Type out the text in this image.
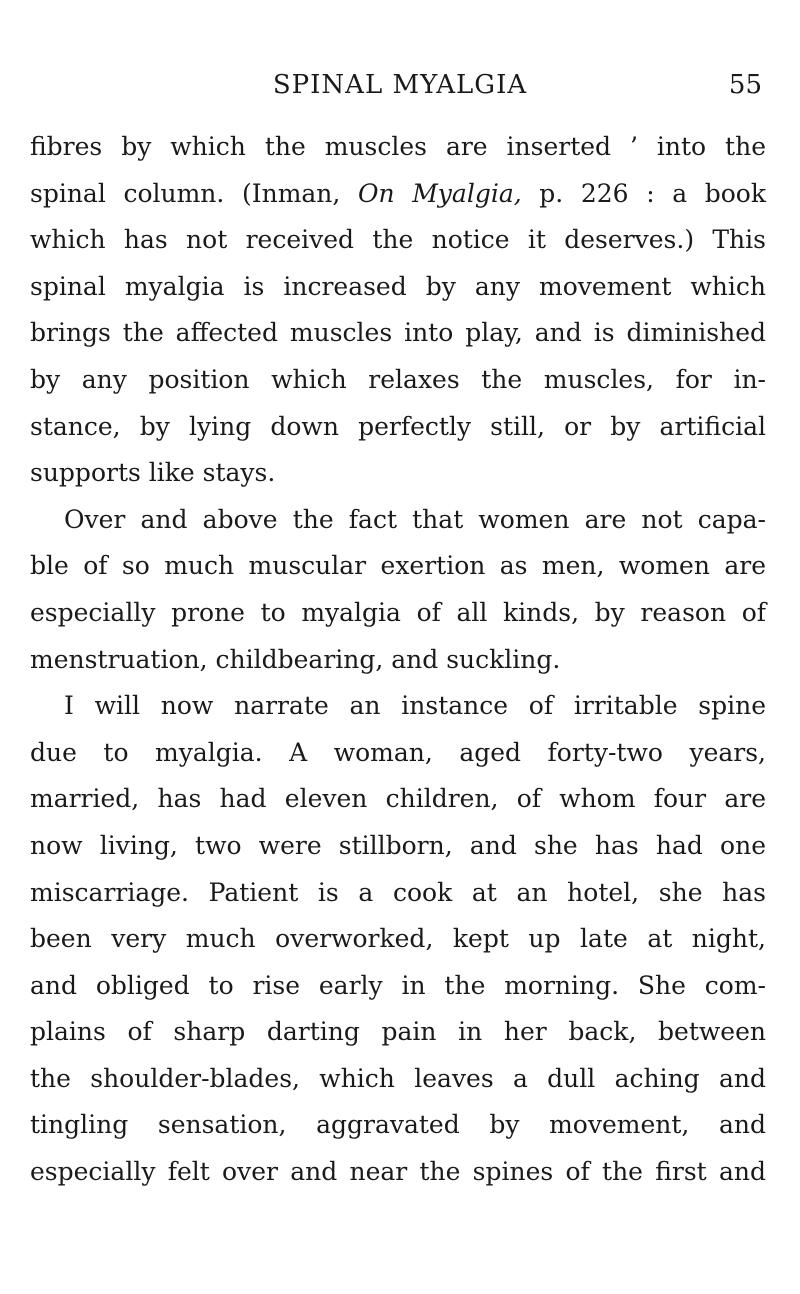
SPINAL MYALGIA	55
fibres by which the muscles are inserted ’ into the
spinal column. (Inman, On Myalgia, p. 226 : a book
which has not received the notice it deserves.) This
spinal myalgia is increased by any movement which
brings the affected muscles into play, and is diminished
by any position which relaxes the muscles, for in-
stance, by lying down perfectly still, or by artificial
supports like stays.
Over and above the fact that women are not capa-
ble of so much muscular exertion as men, women are
especially prone to myalgia of all kinds, by reason of
menstruation, childbearing, and suckling.
I will now narrate an instance of irritable spine
due to myalgia. A woman, aged forty-two years,
married, has had eleven children, of whom four are
now living, two were stillborn, and she has had one
miscarriage. Patient is a cook at an hotel, she has
been very much overworked, kept up late at night,
and obliged to rise early in the morning. She com-
plains of sharp darting pain in her back, between
the shoulder-blades, which leaves a dull aching and
tingling sensation, aggravated by movement, and
especially felt over and near the spines of the first and
